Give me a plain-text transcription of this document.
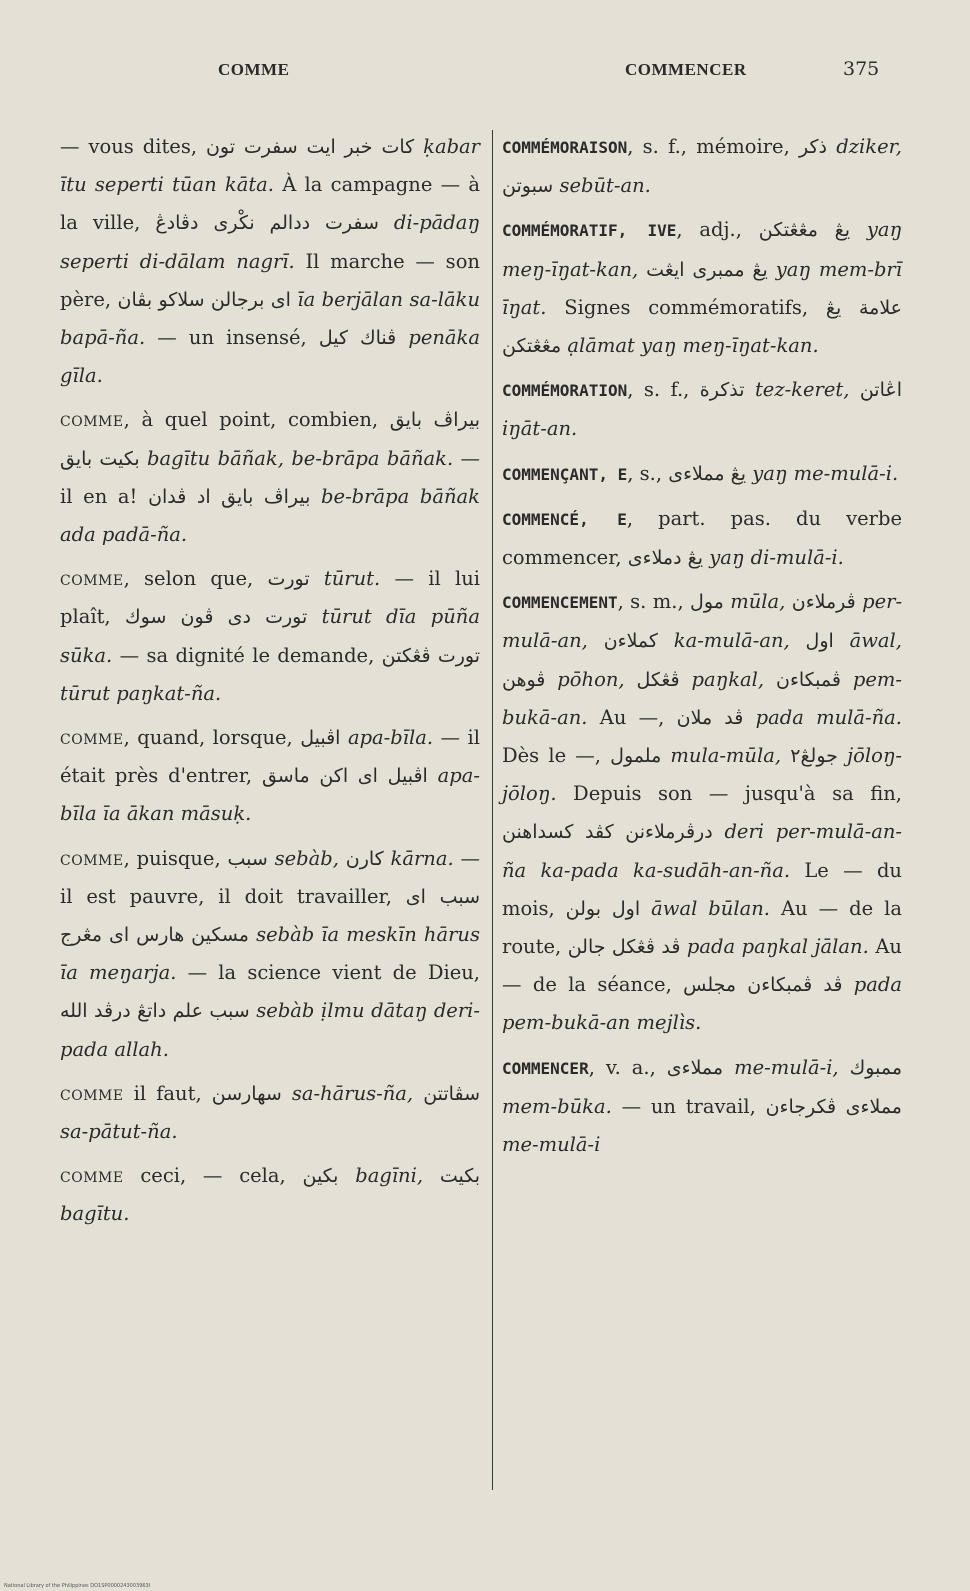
COMME	COMMENCER	375

— vous dites, خبر ايت سفرت تون كات ḳabar ītu seperti tūan kāta. À la campagne — à la ville, دڤادڠ سفرت ددالم نكْرى di-pādaŋ seperti di-dālam nagrī. Il marche — son père, اى برجالن سلاكو بڤان īa berjālan sa-lāku bapā-ña. — un insensé, ڤناك كيل penāka gīla.

comme, à quel point, combien, بيراڤ بايق بكيت بايق bagītu bāñak, be-brāpa bāñak. — il en a! بيراڤ بايق اد ڤدان be-brāpa bāñak ada padā-ña.

comme, selon que, تورت tūrut. — il lui plaît, تورت دى ڤون سوك tūrut dīa pūña sūka. — sa dignité le demande, تورت ڤڠكتن tūrut paŋkat-ña.

comme, quand, lorsque, اڤبيل apa-bīla. — il était près d'entrer, اڤبيل اى اكن ماسق apa-bīla īa ākan māsuḳ.

comme, puisque, سبب sebàb, كارن kārna. — il est pauvre, il doit travailler, سبب اى مسكين هارس اى مڠرج sebàb īa meskīn hārus īa meŋarja. — la science vient de Dieu, سبب علم داتڠ درڤد الله sebàb ịlmu dātaŋ deri-pada allah.

comme il faut, سهارسن sa-hārus-ña, سڤاتتن sa-pātut-ña.

comme ceci, — cela, بكين bagīni, بكيت bagītu.

COMMÉMORAISON, s. f., mémoire, ذكر dziker, سبوتن sebūt-an.

COMMÉMORATIF, IVE, adj., يڠ مڠڠتكن yaŋ meŋ-īŋat-kan, يڠ ممبرى ايڠت yaŋ mem-brī īŋat. Signes commémoratifs, علامة يڠ مڠڠتكن ạlāmat yaŋ meŋ-īŋat-kan.

COMMÉMORATION, s. f., تذكرة tez-keret, اڠاتن iŋāt-an.

COMMENÇANT, E, s., يڠ مملاءى yaŋ me-mulā-i.

COMMENCÉ, E, part. pas. du verbe commencer, يڠ دملاءى yaŋ di-mulā-i.

COMMENCEMENT, s. m., مول mūla, ڤرملاءن per-mulā-an, كملاءن ka-mulā-an, اول āwal, ڤوهن pōhon, ڤڠكل paŋkal, ڤمبكاءن pem-bukā-an. Au —, ڤد ملان pada mulā-ña. Dès le —, ملمول mula-mūla, جولڠ٢ jōloŋ-jōloŋ. Depuis son — jusqu'à sa fin, درڤرملاءنن كڤد كسداهنن deri per-mulā-an-ña ka-pada ka-sudāh-an-ña. Le — du mois, اول بولن āwal būlan. Au — de la route, ڤد ڤڠكل جالن pada paŋkal jālan. Au — de la séance, ڤد ڤمبكاءن مجلس pada pem-bukā-an mejlìs.

COMMENCER, v. a., مملاءى me-mulā-i, ممبوك mem-būka. — un travail, مملاءى ڤكرجاءن me-mulā-i

National Library of the Philippines DO1SP0000243003963I
